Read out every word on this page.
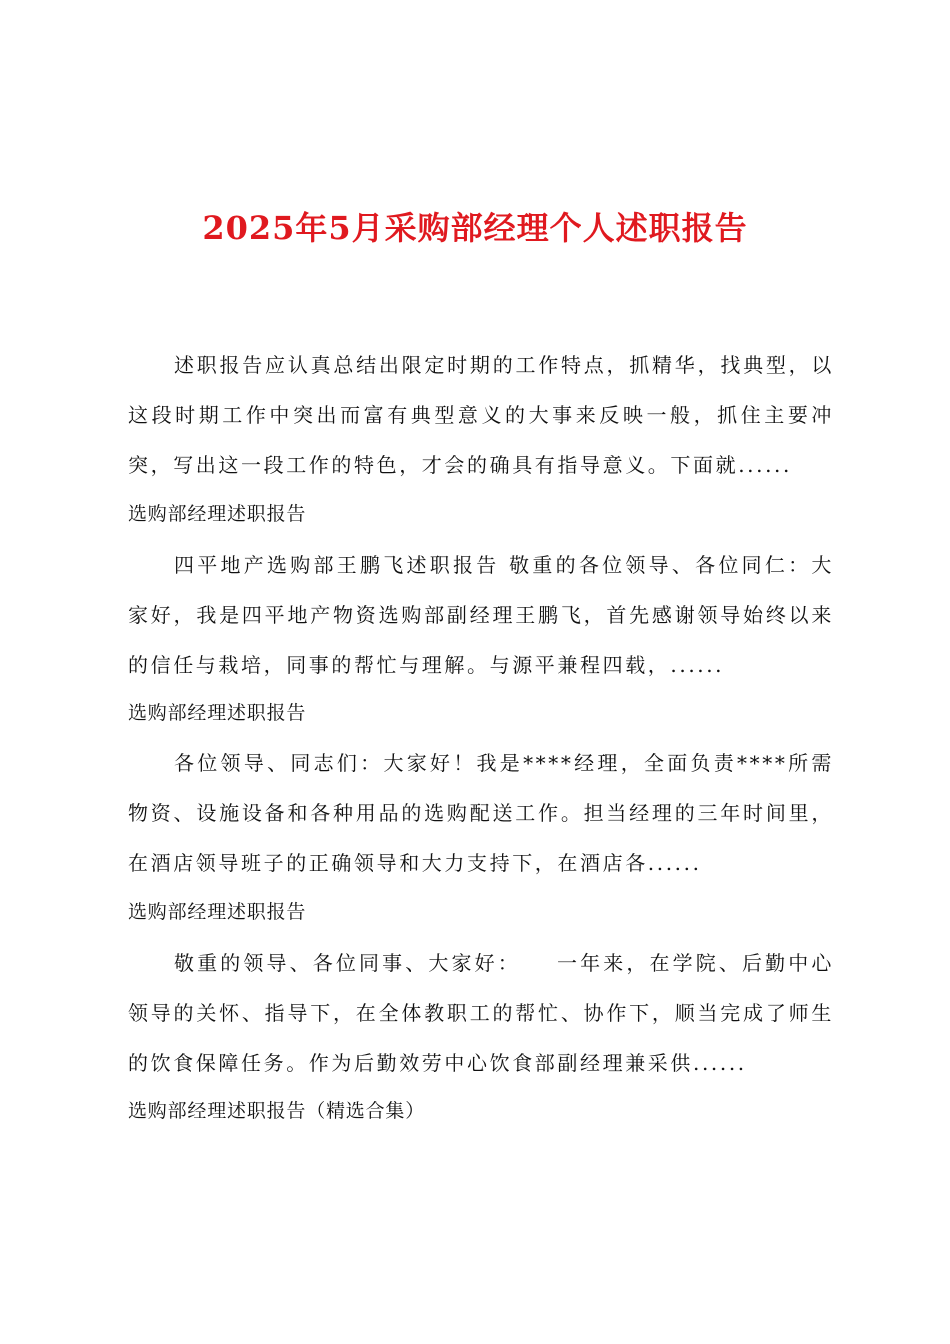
2025年5月采购部经理个人述职报告

述职报告应认真总结出限定时期的工作特点，抓精华，找典型，以这段时期工作中突出而富有典型意义的大事来反映一般，抓住主要冲突，写出这一段工作的特色，才会的确具有指导意义。下面就......

选购部经理述职报告

四平地产选购部王鹏飞述职报告 敬重的各位领导、各位同仁：大家好，我是四平地产物资选购部副经理王鹏飞，首先感谢领导始终以来的信任与栽培，同事的帮忙与理解。与源平兼程四载，......

选购部经理述职报告

各位领导、同志们：大家好！我是****经理，全面负责****所需物资、设施设备和各种用品的选购配送工作。担当经理的三年时间里，在酒店领导班子的正确领导和大力支持下，在酒店各......

选购部经理述职报告

敬重的领导、各位同事、大家好：　　一年来，在学院、后勤中心领导的关怀、指导下，在全体教职工的帮忙、协作下，顺当完成了师生的饮食保障任务。作为后勤效劳中心饮食部副经理兼采供......

选购部经理述职报告（精选合集）
